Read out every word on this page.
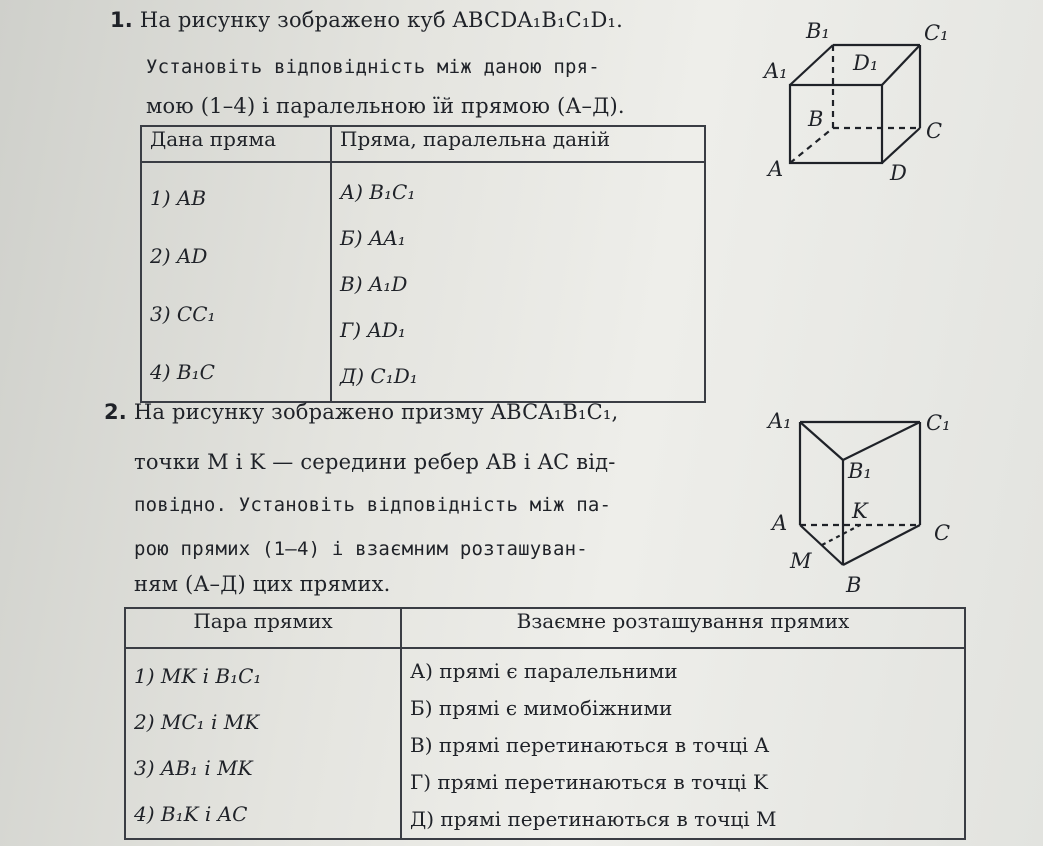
1. На рисунку зображено куб ABCDA₁B₁C₁D₁.
Установіть відповідність між даною пря-
мою (1–4) і паралельною їй прямою (А–Д).
Дана пряма	Пряма, паралельна даній

1) AB
2) AD
3) CC₁
4) B₁C	А) B₁C₁
Б) AA₁
В) A₁D
Г) AD₁
Д) C₁D₁
B₁	C₁
A₁	D₁
B	C
A	D
2. На рисунку зображено призму ABCA₁B₁C₁,
точки M і K — середини ребер AB і AC від-
повідно. Установіть відповідність між па-
рою прямих (1–4) і взаємним розташуван-
ням (А–Д) цих прямих.
Пара прямих	Взаємне розташування прямих

1) MK і B₁C₁
2) MC₁ і MK
3) AB₁ і MK
4) B₁K і AC	А) прямі є паралельними
Б) прямі є мимобіжними
В) прямі перетинаються в точці A
Г) прямі перетинаються в точці K
Д) прямі перетинаються в точці M
A₁	C₁
B₁
A	K
C
M
B
